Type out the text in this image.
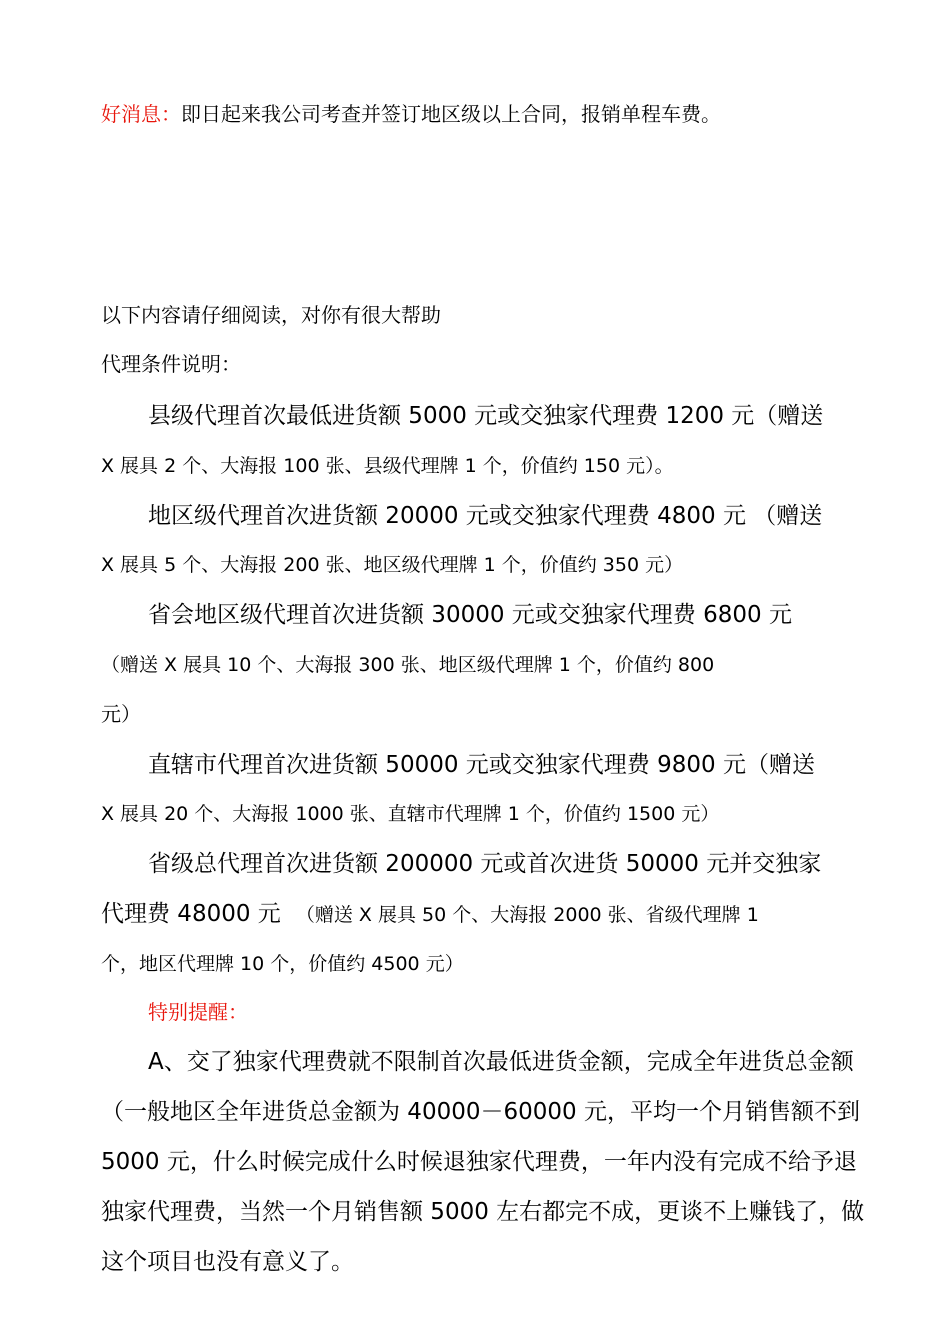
好消息：即日起来我公司考查并签订地区级以上合同，报销单程车费。
以下内容请仔细阅读，对你有很大帮助
代理条件说明：
县级代理首次最低进货额 5000 元或交独家代理费 1200 元（赠送
X 展具 2 个、大海报 100 张、县级代理牌 1 个，价值约 150 元）。
地区级代理首次进货额 20000 元或交独家代理费 4800 元 （赠送
X 展具 5 个、大海报 200 张、地区级代理牌 1 个，价值约 350 元）
省会地区级代理首次进货额 30000 元或交独家代理费 6800 元
（赠送 X 展具 10 个、大海报 300 张、地区级代理牌 1 个，价值约 800
元）
直辖市代理首次进货额 50000 元或交独家代理费 9800 元（赠送
X 展具 20 个、大海报 1000 张、直辖市代理牌 1 个，价值约 1500 元）
省级总代理首次进货额 200000 元或首次进货 50000 元并交独家
代理费 48000 元 （赠送 X 展具 50 个、大海报 2000 张、省级代理牌 1
个，地区代理牌 10 个，价值约 4500 元）
特别提醒：
A、交了独家代理费就不限制首次最低进货金额，完成全年进货总金额
（一般地区全年进货总金额为 40000－60000 元，平均一个月销售额不到
5000 元，什么时候完成什么时候退独家代理费，一年内没有完成不给予退
独家代理费，当然一个月销售额 5000 左右都完不成，更谈不上赚钱了，做
这个项目也没有意义了。
